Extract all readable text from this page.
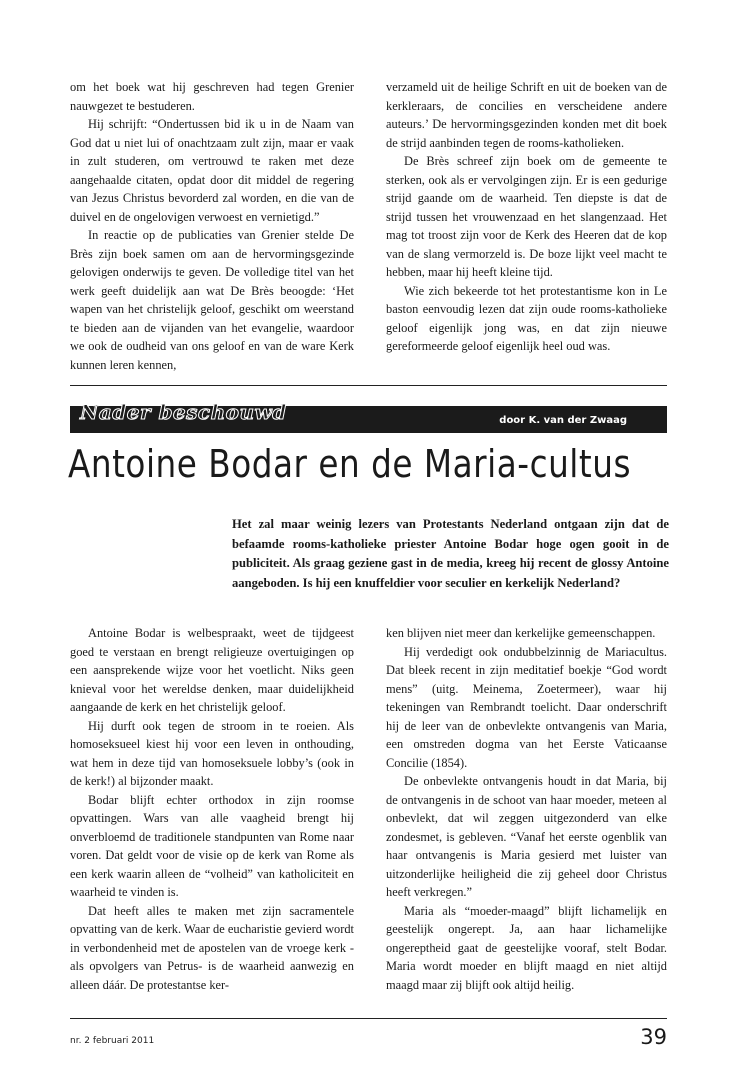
om het boek wat hij geschreven had tegen Grenier nauwgezet te bestuderen.

Hij schrijft: “Ondertussen bid ik u in de Naam van God dat u niet lui of onachtzaam zult zijn, maar er vaak in zult studeren, om vertrouwd te raken met deze aangehaalde citaten, opdat door dit middel de regering van Jezus Christus bevorderd zal worden, en die van de duivel en de ongelovigen verwoest en vernietigd.”

In reactie op de publicaties van Grenier stelde De Brès zijn boek samen om aan de hervormingsgezinde gelovigen onderwijs te geven. De volledige titel van het werk geeft duidelijk aan wat De Brès beoogde: ‘Het wapen van het christelijk geloof, geschikt om weerstand te bieden aan de vijanden van het evangelie, waardoor we ook de oudheid van ons geloof en van de ware Kerk kunnen leren kennen,

verzameld uit de heilige Schrift en uit de boeken van de kerkleraars, de concilies en verscheidene andere auteurs.’ De hervormingsgezinden konden met dit boek de strijd aanbinden tegen de rooms-katholieken.

De Brès schreef zijn boek om de gemeente te sterken, ook als er vervolgingen zijn. Er is een gedurige strijd gaande om de waarheid. Ten diepste is dat de strijd tussen het vrouwenzaad en het slangenzaad. Het mag tot troost zijn voor de Kerk des Heeren dat de kop van de slang vermorzeld is. De boze lijkt veel macht te hebben, maar hij heeft kleine tijd.

Wie zich bekeerde tot het protestantisme kon in Le baston eenvoudig lezen dat zijn oude rooms-katholieke geloof eigenlijk jong was, en dat zijn nieuwe gereformeerde geloof eigenlijk heel oud was.

Nader beschouwd	door K. van der Zwaag
Antoine Bodar en de Maria-cultus

Het zal maar weinig lezers van Protestants Nederland ontgaan zijn dat de befaamde rooms-katholieke priester Antoine Bodar hoge ogen gooit in de publiciteit. Als graag geziene gast in de media, kreeg hij recent de glossy Antoine aangeboden. Is hij een knuffeldier voor seculier en kerkelijk Nederland?

Antoine Bodar is welbespraakt, weet de tijdgeest goed te verstaan en brengt religieuze overtuigingen op een aansprekende wijze voor het voetlicht. Niks geen knieval voor het wereldse denken, maar duidelijkheid aangaande de kerk en het christelijk geloof.

Hij durft ook tegen de stroom in te roeien. Als homoseksueel kiest hij voor een leven in onthouding, wat hem in deze tijd van homoseksuele lobby’s (ook in de kerk!) al bijzonder maakt.

Bodar blijft echter orthodox in zijn roomse opvattingen. Wars van alle vaagheid brengt hij onverbloemd de traditionele standpunten van Rome naar voren. Dat geldt voor de visie op de kerk van Rome als een kerk waarin alleen de “volheid” van katholiciteit en waarheid te vinden is.

Dat heeft alles te maken met zijn sacramentele opvatting van de kerk. Waar de eucharistie gevierd wordt in verbondenheid met de apostelen van de vroege kerk -als opvolgers van Petrus- is de waarheid aanwezig en alleen dáár. De protestantse ker-

ken blijven niet meer dan kerkelijke gemeenschappen.

Hij verdedigt ook ondubbelzinnig de Mariacultus. Dat bleek recent in zijn meditatief boekje “God wordt mens” (uitg. Meinema, Zoetermeer), waar hij tekeningen van Rembrandt toelicht. Daar onderschrift hij de leer van de onbevlekte ontvangenis van Maria, een omstreden dogma van het Eerste Vaticaanse Concilie (1854).

De onbevlekte ontvangenis houdt in dat Maria, bij de ontvangenis in de schoot van haar moeder, meteen al onbevlekt, dat wil zeggen uitgezonderd van elke zondesmet, is gebleven. “Vanaf het eerste ogenblik van haar ontvangenis is Maria gesierd met luister van uitzonderlijke heiligheid die zij geheel door Christus heeft verkregen.”

Maria als “moeder-maagd” blijft lichamelijk en geestelijk ongerept. Ja, aan haar lichamelijke ongereptheid gaat de geestelijke vooraf, stelt Bodar. Maria wordt moeder en blijft maagd en niet altijd maagd maar zij blijft ook altijd heilig.

nr. 2 februari 2011	39
